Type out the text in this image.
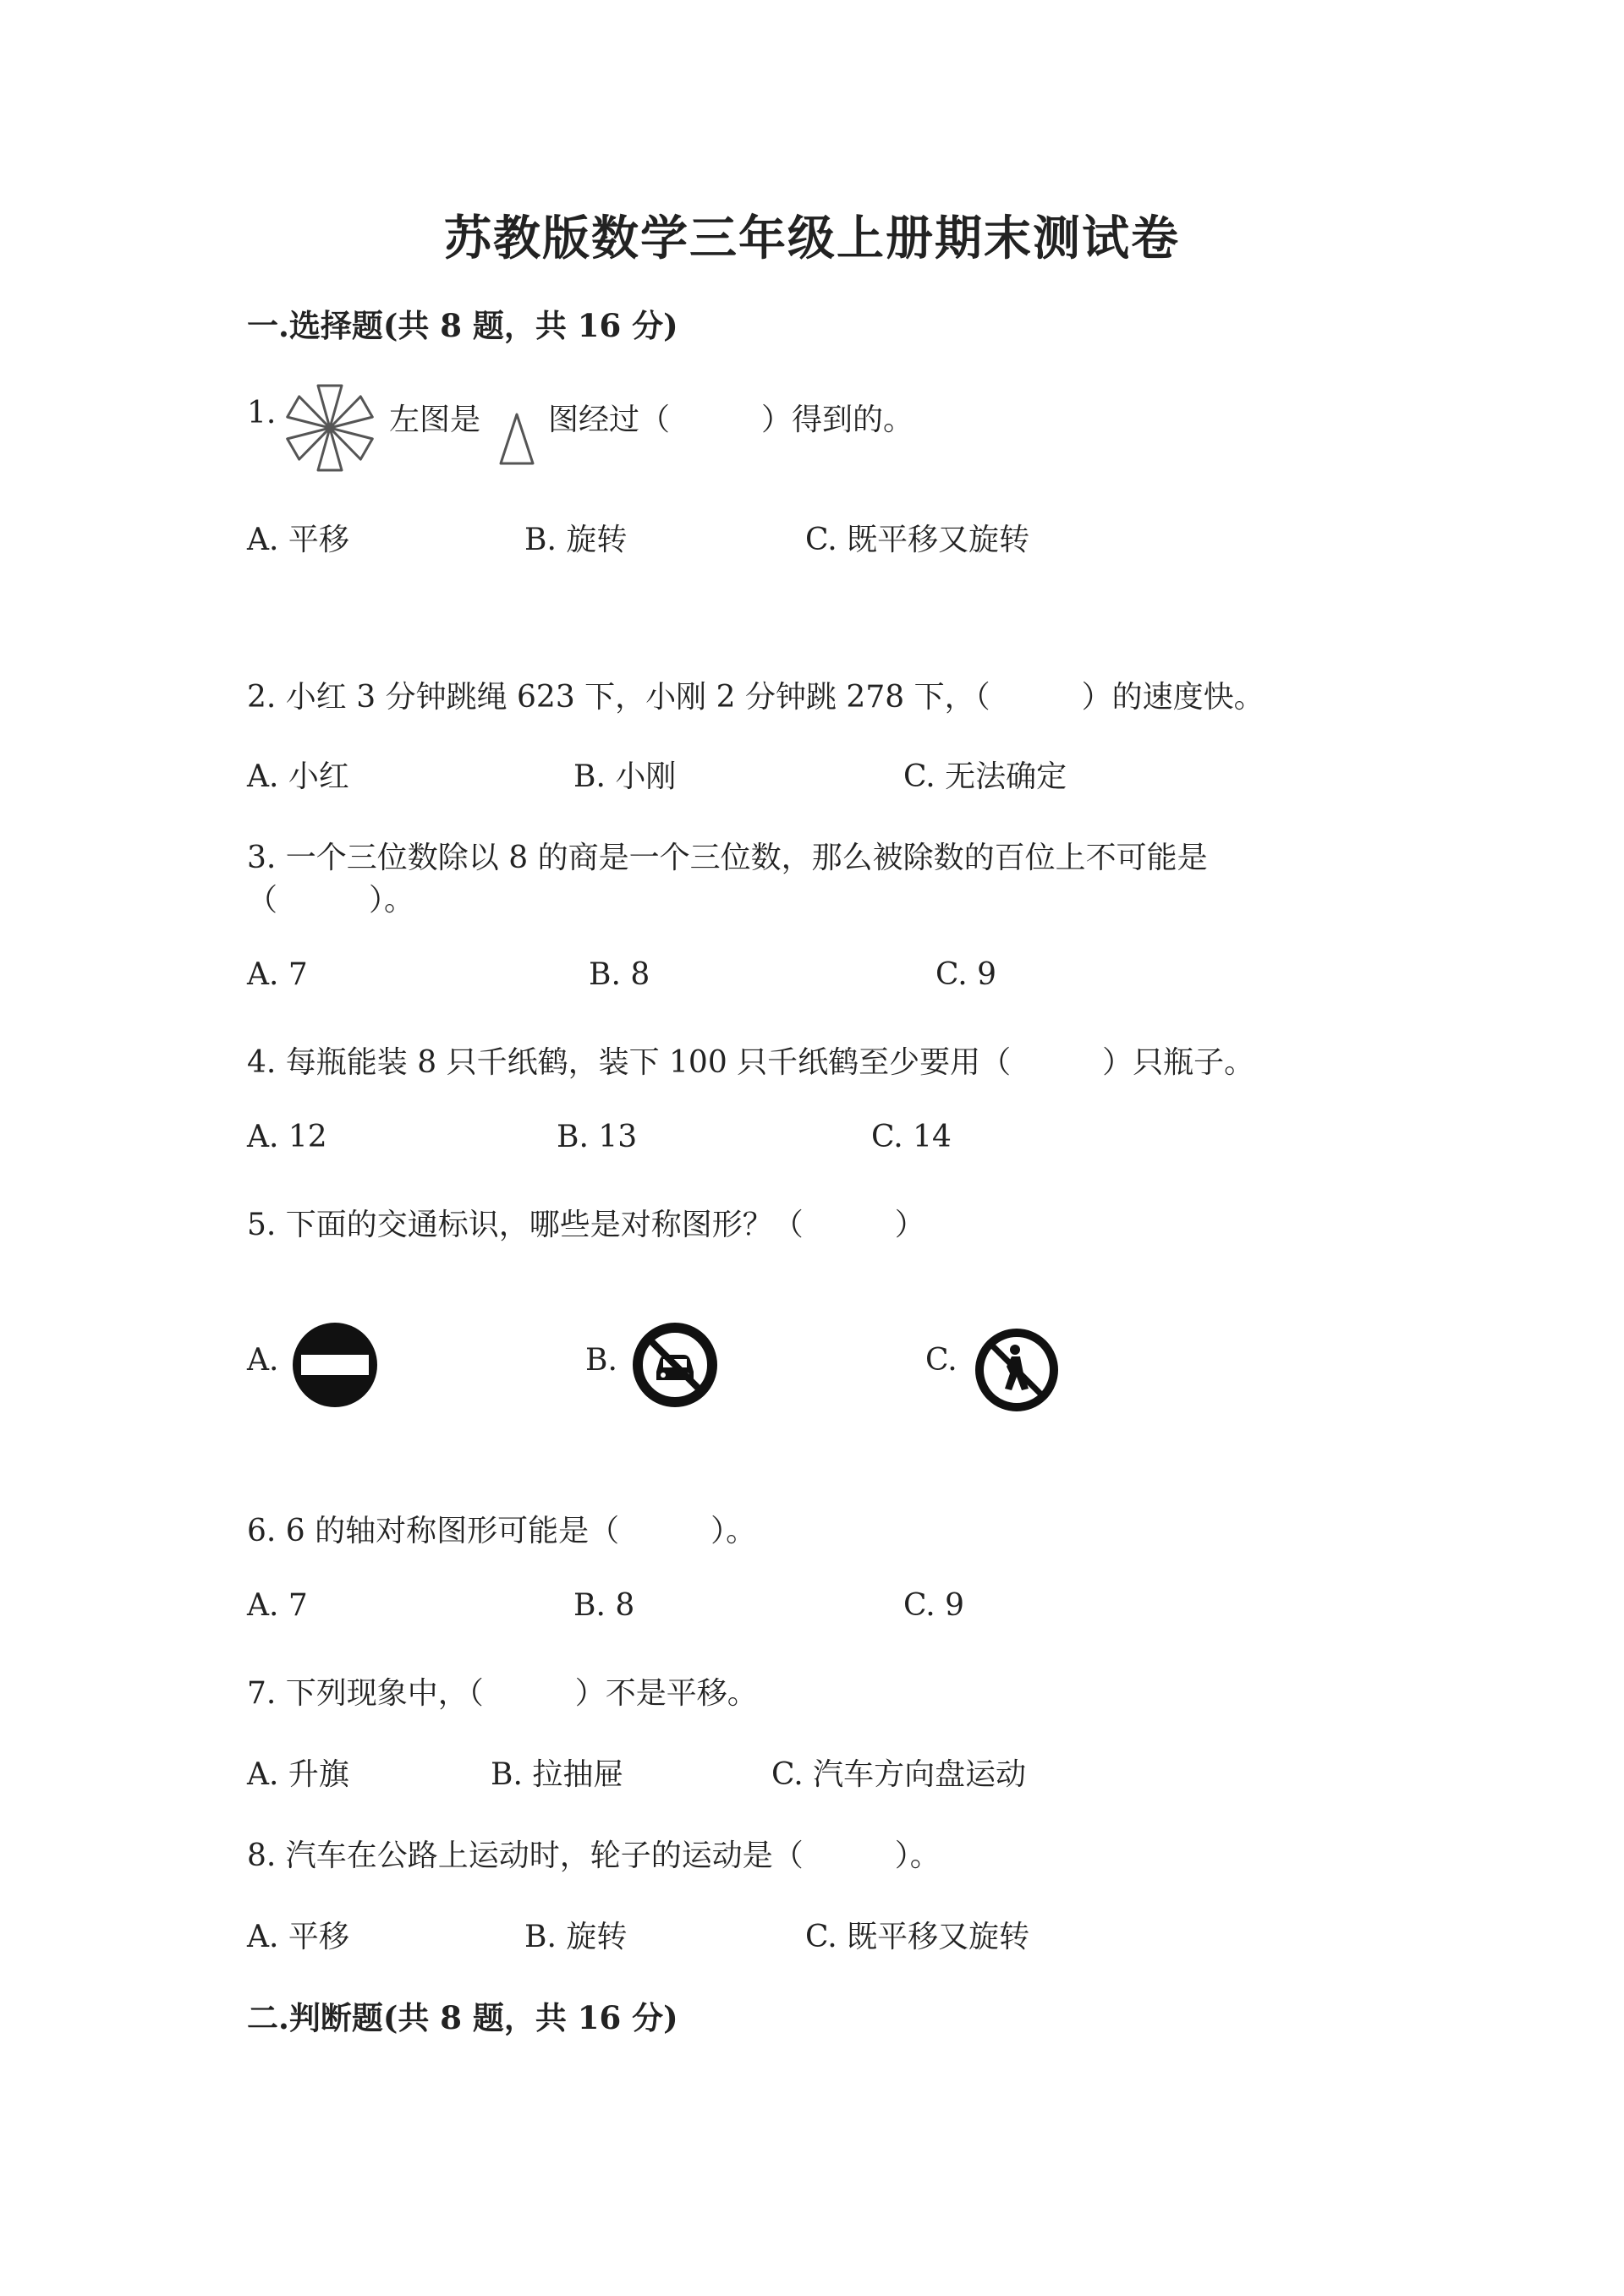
苏教版数学三年级上册期末测试卷
一.选择题(共 8 题，共 16 分)
1.	左图是 图经过（　　　）得到的。
A. 平移	B. 旋转	C. 既平移又旋转
2. 小红 3 分钟跳绳 623 下，小刚 2 分钟跳 278 下，（　　　）的速度快。
A. 小红	B. 小刚	C. 无法确定
3. 一个三位数除以 8 的商是一个三位数，那么被除数的百位上不可能是
（　　　）。
A. 7	B. 8	C. 9
4. 每瓶能装 8 只千纸鹤，装下 100 只千纸鹤至少要用（　　　）只瓶子。
A. 12	B. 13	C. 14
5. 下面的交通标识，哪些是对称图形？（　　　）
A.	B.	C.
6. 6 的轴对称图形可能是（　　　）。
A. 7	B. 8	C. 9
7. 下列现象中，（　　　）不是平移。
A. 升旗	B. 拉抽屉	C. 汽车方向盘运动
8. 汽车在公路上运动时，轮子的运动是（　　　）。
A. 平移	B. 旋转	C. 既平移又旋转
二.判断题(共 8 题，共 16 分)
